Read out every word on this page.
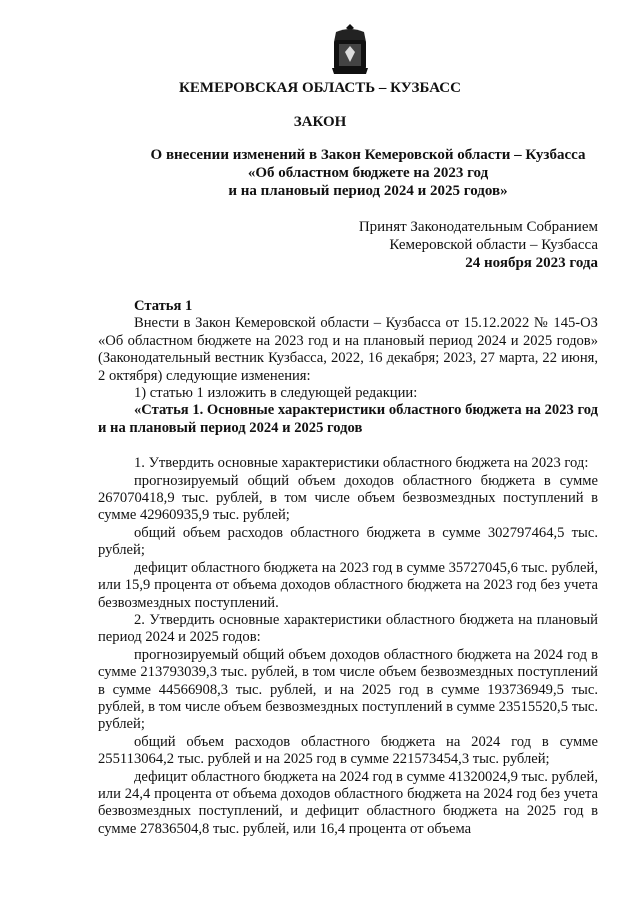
КЕМЕРОВСКАЯ ОБЛАСТЬ – КУЗБАСС
ЗАКОН
О внесении изменений в Закон Кемеровской области – Кузбасса
«Об областном бюджете на 2023 год
и на плановый период 2024 и 2025 годов»
Принят Законодательным Собранием
Кемеровской области – Кузбасса
24 ноября 2023 года

Статья 1

Внести в Закон Кемеровской области – Кузбасса от 15.12.2022 № 145-ОЗ «Об областном бюджете на 2023 год и на плановый период 2024 и 2025 годов» (Законодательный вестник Кузбасса, 2022, 16 декабря; 2023, 27 марта, 22 июня, 2 октября) следующие изменения:

1) статью 1 изложить в следующей редакции:

«Статья 1. Основные характеристики областного бюджета на 2023 год и на плановый период 2024 и 2025 годов

1. Утвердить основные характеристики областного бюджета на 2023 год:

прогнозируемый общий объем доходов областного бюджета в сумме 267070418,9 тыс. рублей, в том числе объем безвозмездных поступлений в сумме 42960935,9 тыс. рублей;

общий объем расходов областного бюджета в сумме 302797464,5 тыс. рублей;

дефицит областного бюджета на 2023 год в сумме 35727045,6 тыс. рублей, или 15,9 процента от объема доходов областного бюджета на 2023 год без учета безвозмездных поступлений.

2. Утвердить основные характеристики областного бюджета на плановый период 2024 и 2025 годов:

прогнозируемый общий объем доходов областного бюджета на 2024 год в сумме 213793039,3 тыс. рублей, в том числе объем безвозмездных поступлений в сумме 44566908,3 тыс. рублей, и на 2025 год в сумме 193736949,5 тыс. рублей, в том числе объем безвозмездных поступлений в сумме 23515520,5 тыс. рублей;

общий объем расходов областного бюджета на 2024 год в сумме 255113064,2 тыс. рублей и на 2025 год в сумме 221573454,3 тыс. рублей;

дефицит областного бюджета на 2024 год в сумме 41320024,9 тыс. рублей, или 24,4 процента от объема доходов областного бюджета на 2024 год без учета безвозмездных поступлений, и дефицит областного бюджета на 2025 год в сумме 27836504,8 тыс. рублей, или 16,4 процента от объема
